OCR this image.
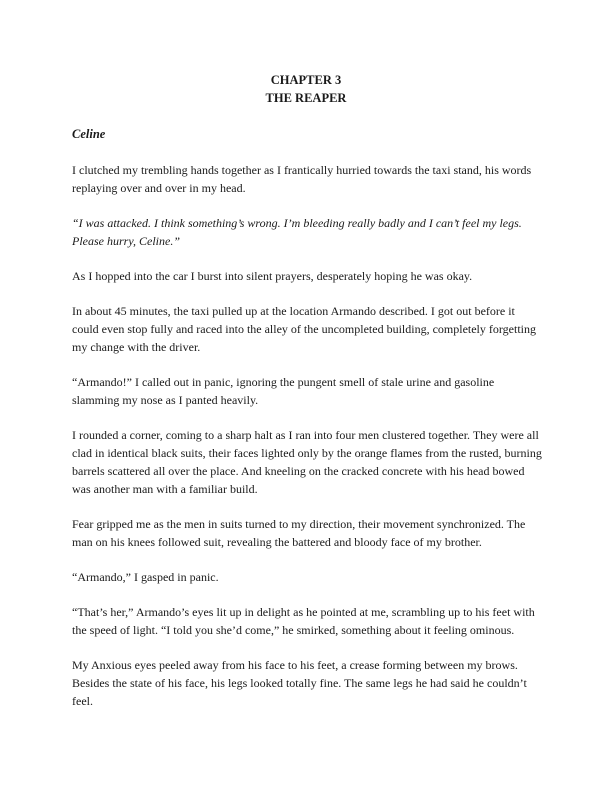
CHAPTER 3
THE REAPER
Celine

I clutched my trembling hands together as I frantically hurried towards the taxi stand, his words replaying over and over in my head.

“I was attacked. I think something’s wrong. I’m bleeding really badly and I can’t feel my legs. Please hurry, Celine.”

As I hopped into the car I burst into silent prayers, desperately hoping he was okay.

In about 45 minutes, the taxi pulled up at the location Armando described. I got out before it could even stop fully and raced into the alley of the uncompleted building, completely forgetting my change with the driver.

“Armando!” I called out in panic, ignoring the pungent smell of stale urine and gasoline slamming my nose as I panted heavily.

I rounded a corner, coming to a sharp halt as I ran into four men clustered together. They were all clad in identical black suits, their faces lighted only by the orange flames from the rusted, burning barrels scattered all over the place. And kneeling on the cracked concrete with his head bowed was another man with a familiar build.

Fear gripped me as the men in suits turned to my direction, their movement synchronized. The man on his knees followed suit, revealing the battered and bloody face of my brother.

“Armando,” I gasped in panic.

“That’s her,” Armando’s eyes lit up in delight as he pointed at me, scrambling up to his feet with the speed of light. “I told you she’d come,” he smirked, something about it feeling ominous.

My Anxious eyes peeled away from his face to his feet, a crease forming between my brows. Besides the state of his face, his legs looked totally fine. The same legs he had said he couldn’t feel.
